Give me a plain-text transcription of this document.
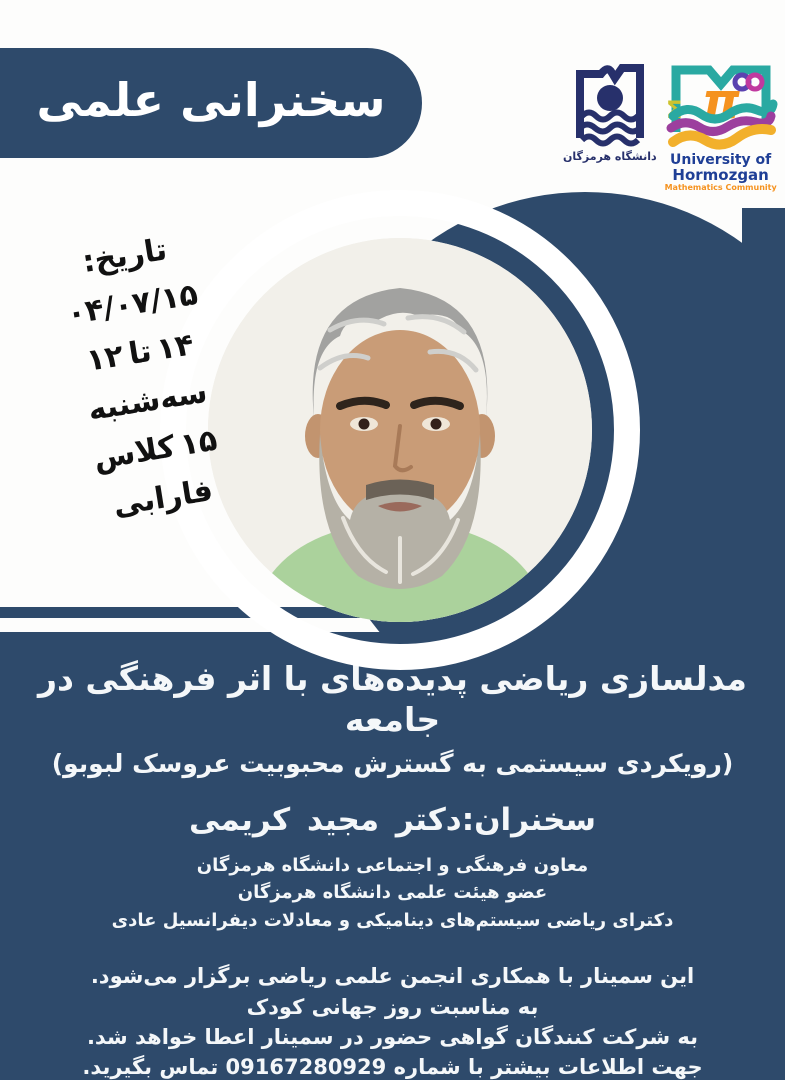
سخنرانی علمی
دانشگاه هرمزگان
π
Σ
University of
Hormozgan
Mathematics Community
تاریخ:
۰۴/۰۷/۱۵
۱۲تا۱۴
سه‌شنبه
کلاس۱۵
فارابی
مدلسازی ریاضی پدیده‌های با اثر فرهنگی در جامعه
(رویکردی سیستمی به گسترش محبوبیت عروسک لبوبو)
سخنران:دکتر مجید کریمی
معاون فرهنگی و اجتماعی دانشگاه هرمزگان
عضو هیئت علمی دانشگاه هرمزگان
دکترای ریاضی سیستم‌های دینامیکی و معادلات دیفرانسیل عادی
این سمینار با همکاری انجمن علمی ریاضی برگزار می‌شود.
به مناسبت روز جهانی کودک
به شرکت کنندگان گواهی حضور در سمینار اعطا خواهد شد.
جهت اطلاعات بیشتر با شماره 09167280929 تماس بگیرید.
